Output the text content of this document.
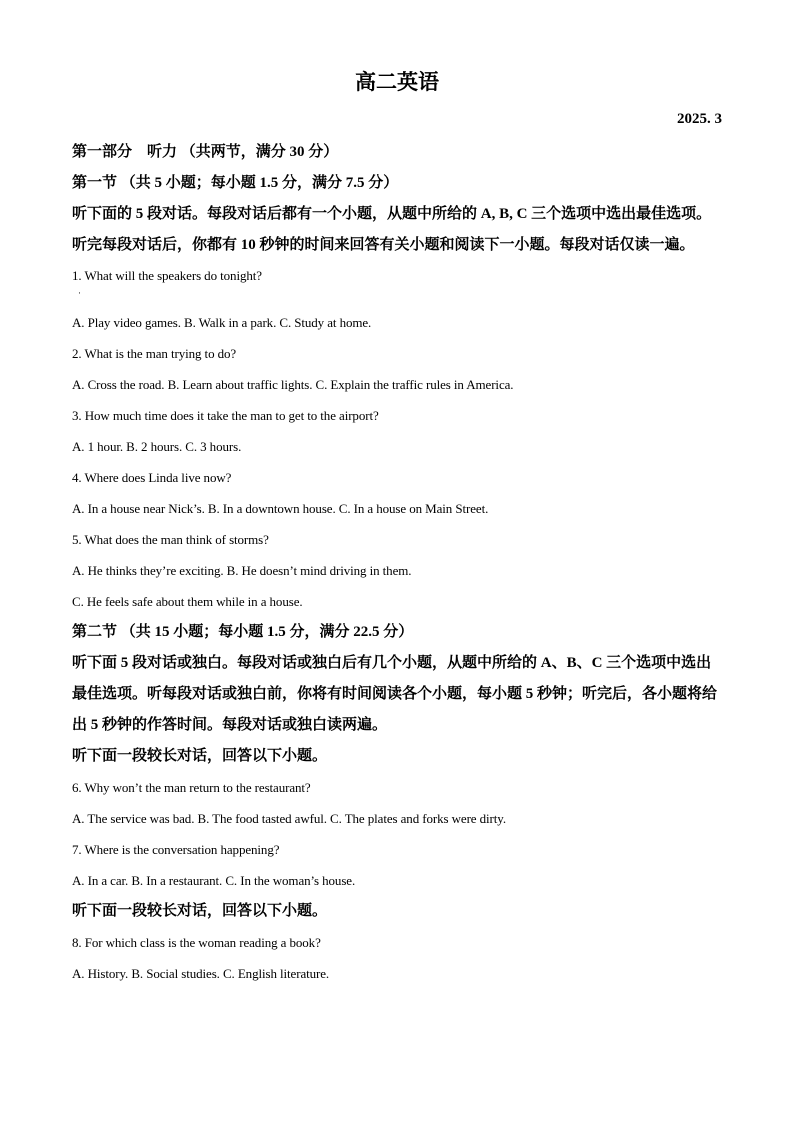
高二英语
2025. 3

第一部分　听力 （共两节，满分 30 分）

第一节 （共 5 小题；每小题 1.5 分，满分 7.5 分）

听下面的 5 段对话。每段对话后都有一个小题，从题中所给的 A, B, C 三个选项中选出最佳选项。听完每段对话后，你都有 10 秒钟的时间来回答有关小题和阅读下一小题。每段对话仅读一遍。

1. What will the speakers do tonight?

·

A. Play video games. B. Walk in a park. C. Study at home.

2. What is the man trying to do?

A. Cross the road. B. Learn about traffic lights. C. Explain the traffic rules in America.

3. How much time does it take the man to get to the airport?

A. 1 hour. B. 2 hours. C. 3 hours.

4. Where does Linda live now?

A. In a house near Nick’s. B. In a downtown house. C. In a house on Main Street.

5. What does the man think of storms?

A. He thinks they’re exciting. B. He doesn’t mind driving in them.

C. He feels safe about them while in a house.

第二节 （共 15 小题；每小题 1.5 分，满分 22.5 分）

听下面 5 段对话或独白。每段对话或独白后有几个小题，从题中所给的 A、B、C 三个选项中选出最佳选项。听每段对话或独白前，你将有时间阅读各个小题，每小题 5 秒钟；听完后，各小题将给出 5 秒钟的作答时间。每段对话或独白读两遍。

听下面一段较长对话，回答以下小题。

6. Why won’t the man return to the restaurant?

A. The service was bad. B. The food tasted awful. C. The plates and forks were dirty.

7. Where is the conversation happening?

A. In a car. B. In a restaurant. C. In the woman’s house.

听下面一段较长对话，回答以下小题。

8. For which class is the woman reading a book?

A. History. B. Social studies. C. English literature.
